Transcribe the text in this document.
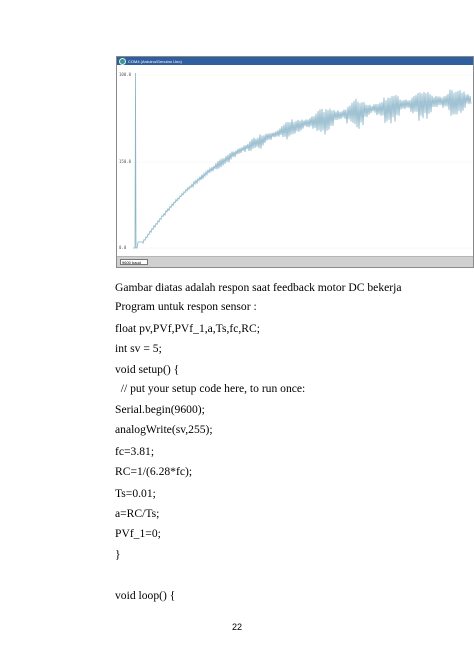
COM4 (Arduino/Genuino Uno)
100.0
150.0
0.0
9600 baud
Gambar diatas adalah respon saat feedback motor DC bekerja
Program untuk respon sensor :
float pv,PVf,PVf_1,a,Ts,fc,RC;
int sv = 5;
void setup() {
// put your setup code here, to run once:
Serial.begin(9600);
analogWrite(sv,255);
fc=3.81;
RC=1/(6.28*fc);
Ts=0.01;
a=RC/Ts;
PVf_1=0;
}
void loop() {
22
